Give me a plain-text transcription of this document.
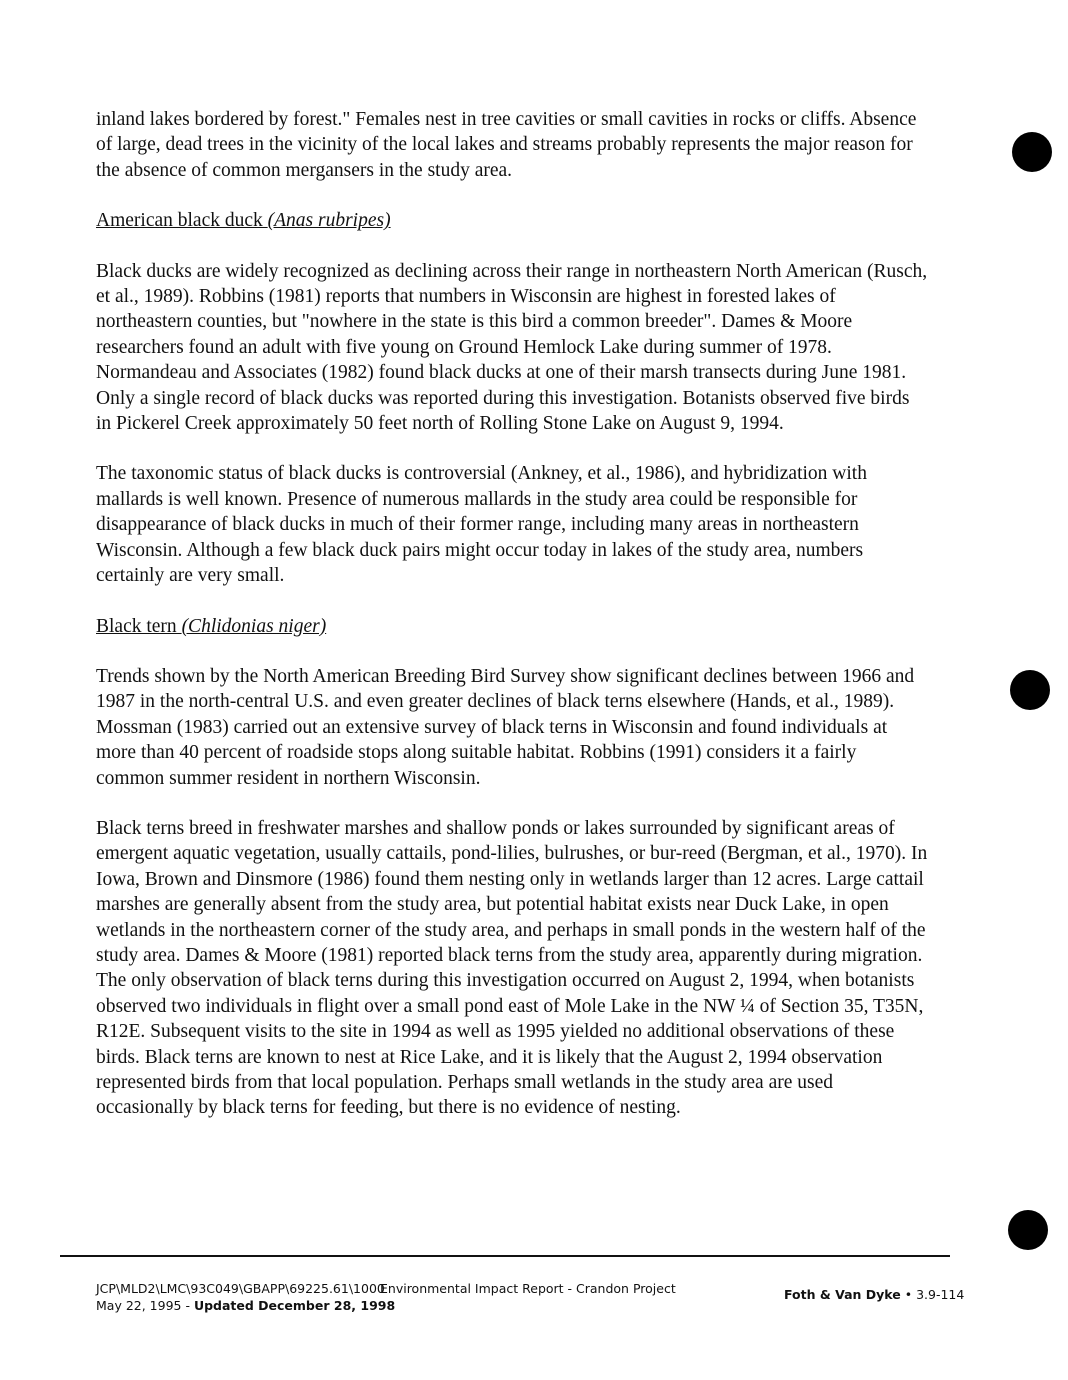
inland lakes bordered by forest." Females nest in tree cavities or small cavities in rocks or cliffs. Absence of large, dead trees in the vicinity of the local lakes and streams probably represents the major reason for the absence of common mergansers in the study area.

American black duck (Anas rubripes)

Black ducks are widely recognized as declining across their range in northeastern North American (Rusch, et al., 1989). Robbins (1981) reports that numbers in Wisconsin are highest in forested lakes of northeastern counties, but "nowhere in the state is this bird a common breeder". Dames & Moore researchers found an adult with five young on Ground Hemlock Lake during summer of 1978. Normandeau and Associates (1982) found black ducks at one of their marsh transects during June 1981. Only a single record of black ducks was reported during this investigation. Botanists observed five birds in Pickerel Creek approximately 50 feet north of Rolling Stone Lake on August 9, 1994.

The taxonomic status of black ducks is controversial (Ankney, et al., 1986), and hybridization with mallards is well known. Presence of numerous mallards in the study area could be responsible for disappearance of black ducks in much of their former range, including many areas in northeastern Wisconsin. Although a few black duck pairs might occur today in lakes of the study area, numbers certainly are very small.

Black tern (Chlidonias niger)

Trends shown by the North American Breeding Bird Survey show significant declines between 1966 and 1987 in the north-central U.S. and even greater declines of black terns elsewhere (Hands, et al., 1989). Mossman (1983) carried out an extensive survey of black terns in Wisconsin and found individuals at more than 40 percent of roadside stops along suitable habitat. Robbins (1991) considers it a fairly common summer resident in northern Wisconsin.

Black terns breed in freshwater marshes and shallow ponds or lakes surrounded by significant areas of emergent aquatic vegetation, usually cattails, pond-lilies, bulrushes, or bur-reed (Bergman, et al., 1970). In Iowa, Brown and Dinsmore (1986) found them nesting only in wetlands larger than 12 acres. Large cattail marshes are generally absent from the study area, but potential habitat exists near Duck Lake, in open wetlands in the northeastern corner of the study area, and perhaps in small ponds in the western half of the study area. Dames & Moore (1981) reported black terns from the study area, apparently during migration. The only observation of black terns during this investigation occurred on August 2, 1994, when botanists observed two individuals in flight over a small pond east of Mole Lake in the NW ¼ of Section 35, T35N, R12E. Subsequent visits to the site in 1994 as well as 1995 yielded no additional observations of these birds. Black terns are known to nest at Rice Lake, and it is likely that the August 2, 1994 observation represented birds from that local population. Perhaps small wetlands in the study area are used occasionally by black terns for feeding, but there is no evidence of nesting.

JCP\MLD2\LMC\93C049\GBAPP\69225.61\1000
May 22, 1995 - Updated December 28, 1998
Environmental Impact Report - Crandon Project	Foth & Van Dyke • 3.9-114
